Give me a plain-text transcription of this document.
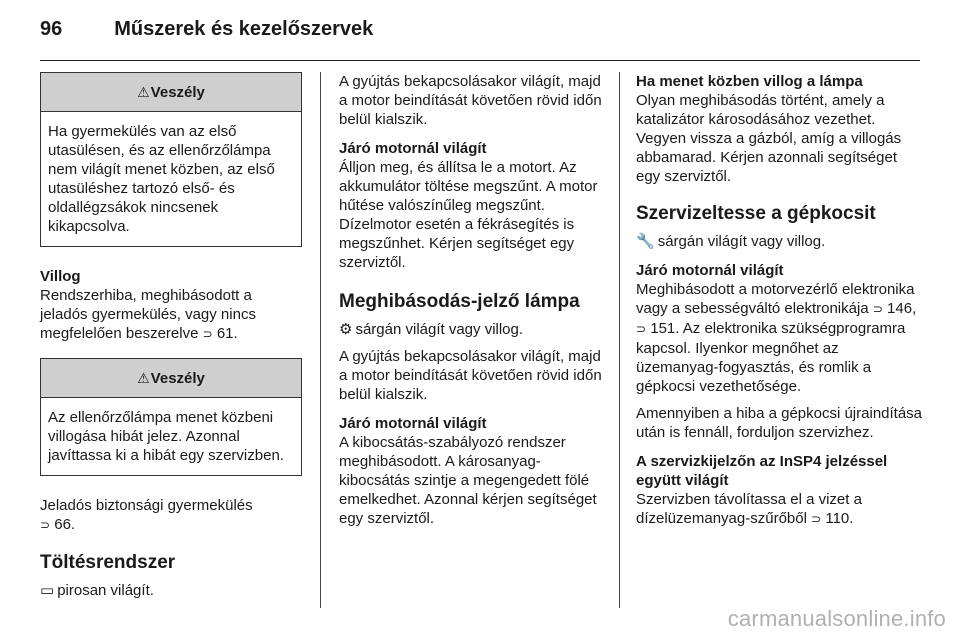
96	Műszerek és kezelőszervek
⚠Veszély
Ha gyermekülés van az első utasülésen, és az ellenőrzőlámpa nem világít menet közben, az első utasüléshez tartozó első- és oldallégzsákok nincsenek kikapcsolva.
Villog

Rendszerhiba, meghibásodott a jeladós gyermekülés, vagy nincs megfelelően beszerelve ⊃ 61.

⚠Veszély
Az ellenőrzőlámpa menet közbeni villogása hibát jelez. Azonnal javíttassa ki a hibát egy szervizben.

Jeladós biztonsági gyermekülés
⊃ 66.

Töltésrendszer

▭ pirosan világít.

A gyújtás bekapcsolásakor világít, majd a motor beindítását követően rövid időn belül kialszik.

Járó motornál világít

Álljon meg, és állítsa le a motort. Az akkumulátor töltése megszűnt. A motor hűtése valószínűleg megszűnt. Dízelmotor esetén a fékrásegítés is megszűnhet. Kérjen segítséget egy szerviztől.

Meghibásodás-jelző lámpa

⚙ sárgán világít vagy villog.

A gyújtás bekapcsolásakor világít, majd a motor beindítását követően rövid időn belül kialszik.

Járó motornál világít

A kibocsátás-szabályozó rendszer meghibásodott. A károsanyag-kibocsátás szintje a megengedett fölé emelkedhet. Azonnal kérjen segítséget egy szerviztől.

Ha menet közben villog a lámpa

Olyan meghibásodás történt, amely a katalizátor károsodásához vezethet. Vegyen vissza a gázból, amíg a villogás abbamarad. Kérjen azonnali segítséget egy szerviztől.

Szervizeltesse a gépkocsit

🔧 sárgán világít vagy villog.

Járó motornál világít

Meghibásodott a motorvezérlő elektronika vagy a sebességváltó elektronikája ⊃ 146, ⊃ 151. Az elektronika szükségprogramra kapcsol. Ilyenkor megnőhet az üzemanyag-fogyasztás, és romlik a gépkocsi vezethetősége.

Amennyiben a hiba a gépkocsi újraindítása után is fennáll, forduljon szervizhez.

A szervizkijelzőn az InSP4 jelzéssel együtt világít

Szervizben távolítassa el a vizet a dízelüzemanyag-szűrőből ⊃ 110.

carmanualsonline.info
